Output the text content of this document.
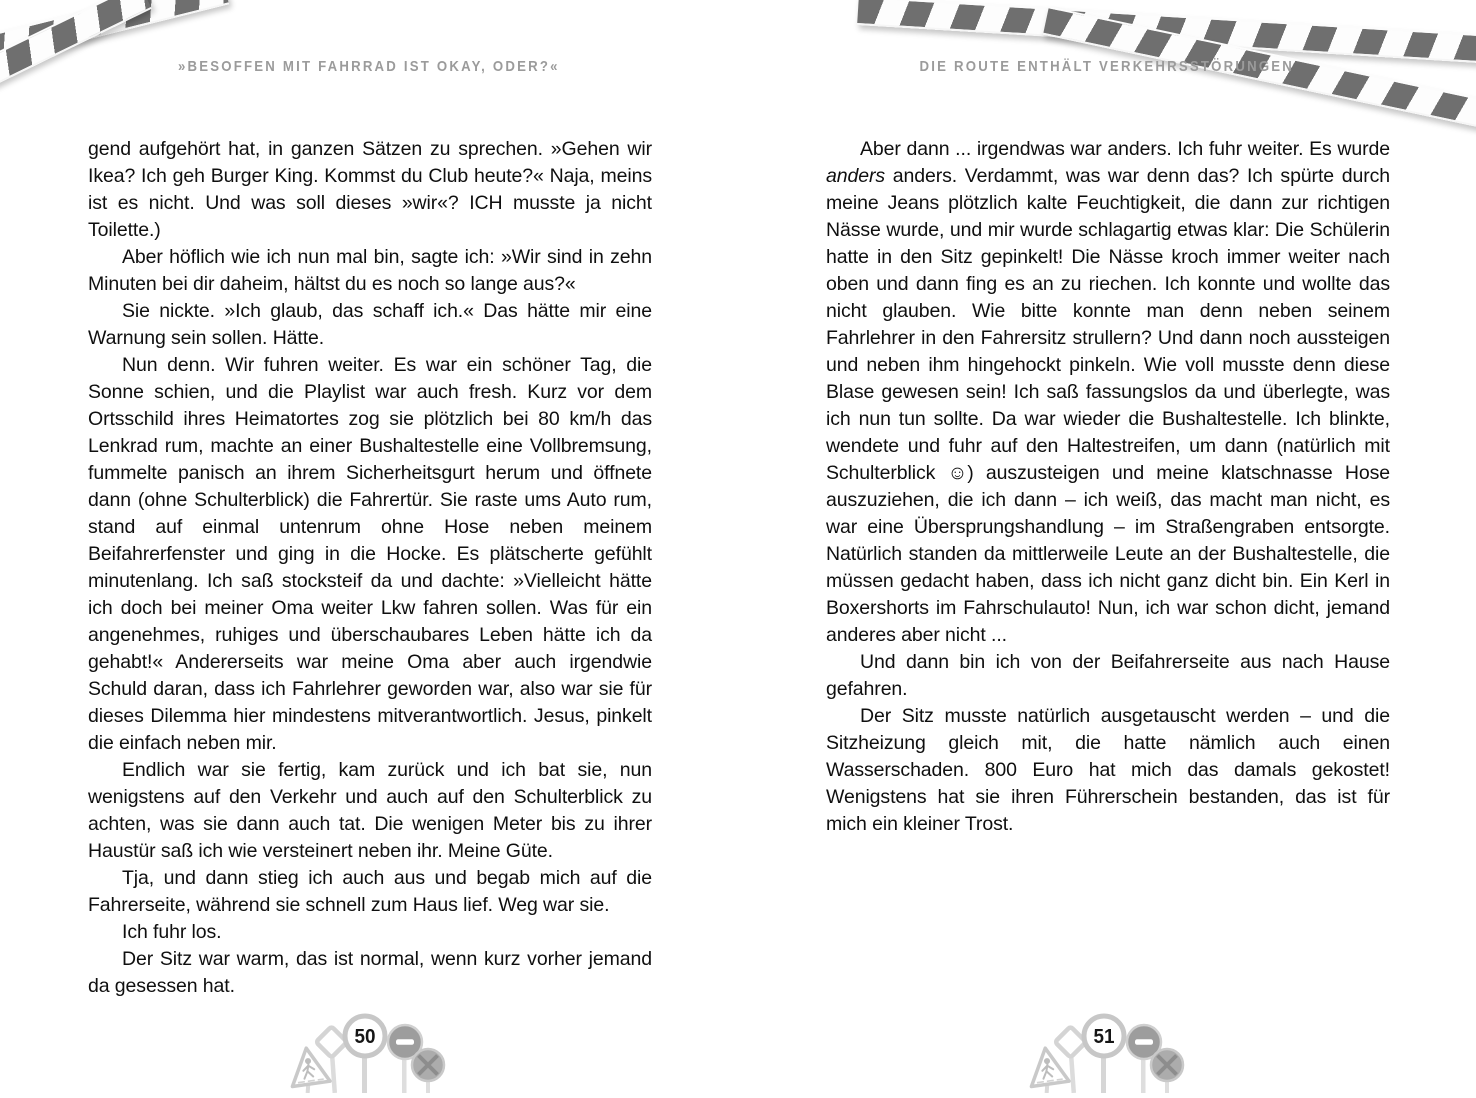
»BESOFFEN MIT FAHRRAD IST OKAY, ODER?«	DIE ROUTE ENTHÄLT VERKEHRSSTÖRUNGEN

gend aufgehört hat, in ganzen Sätzen zu sprechen. »Gehen wir Ikea? Ich geh Burger King. Kommst du Club heute?« Naja, meins ist es nicht. Und was soll dieses »wir«? ICH musste ja nicht Toilette.)

Aber höflich wie ich nun mal bin, sagte ich: »Wir sind in zehn Minuten bei dir daheim, hältst du es noch so lange aus?«

Sie nickte. »Ich glaub, das schaff ich.« Das hätte mir eine Warnung sein sollen. Hätte.

Nun denn. Wir fuhren weiter. Es war ein schöner Tag, die Sonne schien, und die Playlist war auch fresh. Kurz vor dem Ortsschild ihres Heimatortes zog sie plötzlich bei 80 km/h das Lenkrad rum, machte an einer Bushaltestelle eine Vollbremsung, fummelte panisch an ihrem Sicherheitsgurt herum und öffnete dann (ohne Schulterblick) die Fahrertür. Sie raste ums Auto rum, stand auf einmal untenrum ohne Hose neben meinem Beifahrerfenster und ging in die Hocke. Es plätscherte gefühlt minutenlang. Ich saß stocksteif da und dachte: »Vielleicht hätte ich doch bei meiner Oma weiter Lkw fahren sollen. Was für ein angenehmes, ruhiges und überschaubares Leben hätte ich da gehabt!« Andererseits war meine Oma aber auch irgendwie Schuld daran, dass ich Fahrlehrer geworden war, also war sie für dieses Dilemma hier mindestens mitverantwortlich. Jesus, pinkelt die einfach neben mir.

Endlich war sie fertig, kam zurück und ich bat sie, nun wenigstens auf den Verkehr und auch auf den Schulterblick zu achten, was sie dann auch tat. Die wenigen Meter bis zu ihrer Haustür saß ich wie versteinert neben ihr. Meine Güte.

Tja, und dann stieg ich auch aus und begab mich auf die Fahrerseite, während sie schnell zum Haus lief. Weg war sie.

Ich fuhr los.

Der Sitz war warm, das ist normal, wenn kurz vorher jemand da gesessen hat.

Aber dann ... irgendwas war anders. Ich fuhr weiter. Es wurde anders anders. Verdammt, was war denn das? Ich spürte durch meine Jeans plötzlich kalte Feuchtigkeit, die dann zur richtigen Nässe wurde, und mir wurde schlagartig etwas klar: Die Schülerin hatte in den Sitz gepinkelt! Die Nässe kroch immer weiter nach oben und dann fing es an zu riechen. Ich konnte und wollte das nicht glauben. Wie bitte konnte man denn neben seinem Fahrlehrer in den Fahrersitz strullern? Und dann noch aussteigen und neben ihm hingehockt pinkeln. Wie voll musste denn diese Blase gewesen sein! Ich saß fassungslos da und überlegte, was ich nun tun sollte. Da war wieder die Bushaltestelle. Ich blinkte, wendete und fuhr auf den Haltestreifen, um dann (natürlich mit Schulterblick ☺) auszusteigen und meine klatschnasse Hose auszuziehen, die ich dann – ich weiß, das macht man nicht, es war eine Übersprungshandlung – im Straßengraben entsorgte. Natürlich standen da mittlerweile Leute an der Bushaltestelle, die müssen gedacht haben, dass ich nicht ganz dicht bin. Ein Kerl in Boxershorts im Fahrschulauto! Nun, ich war schon dicht, jemand anderes aber nicht ...

Und dann bin ich von der Beifahrerseite aus nach Hause gefahren.

Der Sitz musste natürlich ausgetauscht werden – und die Sitzheizung gleich mit, die hatte nämlich auch einen Wasserschaden. 800 Euro hat mich das damals gekostet! Wenigstens hat sie ihren Führerschein bestanden, das ist für mich ein kleiner Trost.

50	51
